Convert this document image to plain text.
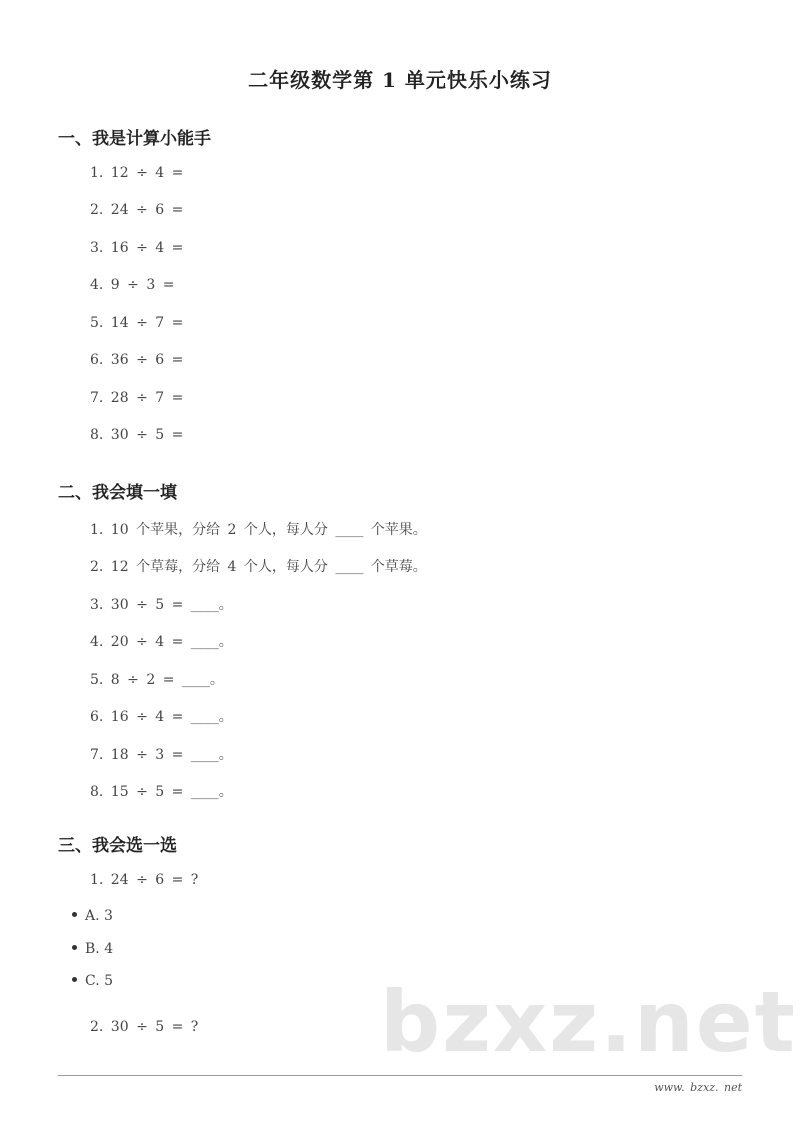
二年级数学第 1 单元快乐小练习
一、我是计算小能手

1. 12 ÷ 4 =

2. 24 ÷ 6 =

3. 16 ÷ 4 =

4. 9 ÷ 3 =

5. 14 ÷ 7 =

6. 36 ÷ 6 =

7. 28 ÷ 7 =

8. 30 ÷ 5 =

二、我会填一填

1. 10 个苹果，分给 2 个人，每人分 ____ 个苹果。

2. 12 个草莓，分给 4 个人，每人分 ____ 个草莓。

3. 30 ÷ 5 = ____。

4. 20 ÷ 4 = ____。

5. 8 ÷ 2 = ____。

6. 16 ÷ 4 = ____。

7. 18 ÷ 3 = ____。

8. 15 ÷ 5 = ____。

三、我会选一选

1. 24 ÷ 6 = ?

A. 3
B. 4
C. 5

2. 30 ÷ 5 = ? bzxz.net
www. bzxz. net
